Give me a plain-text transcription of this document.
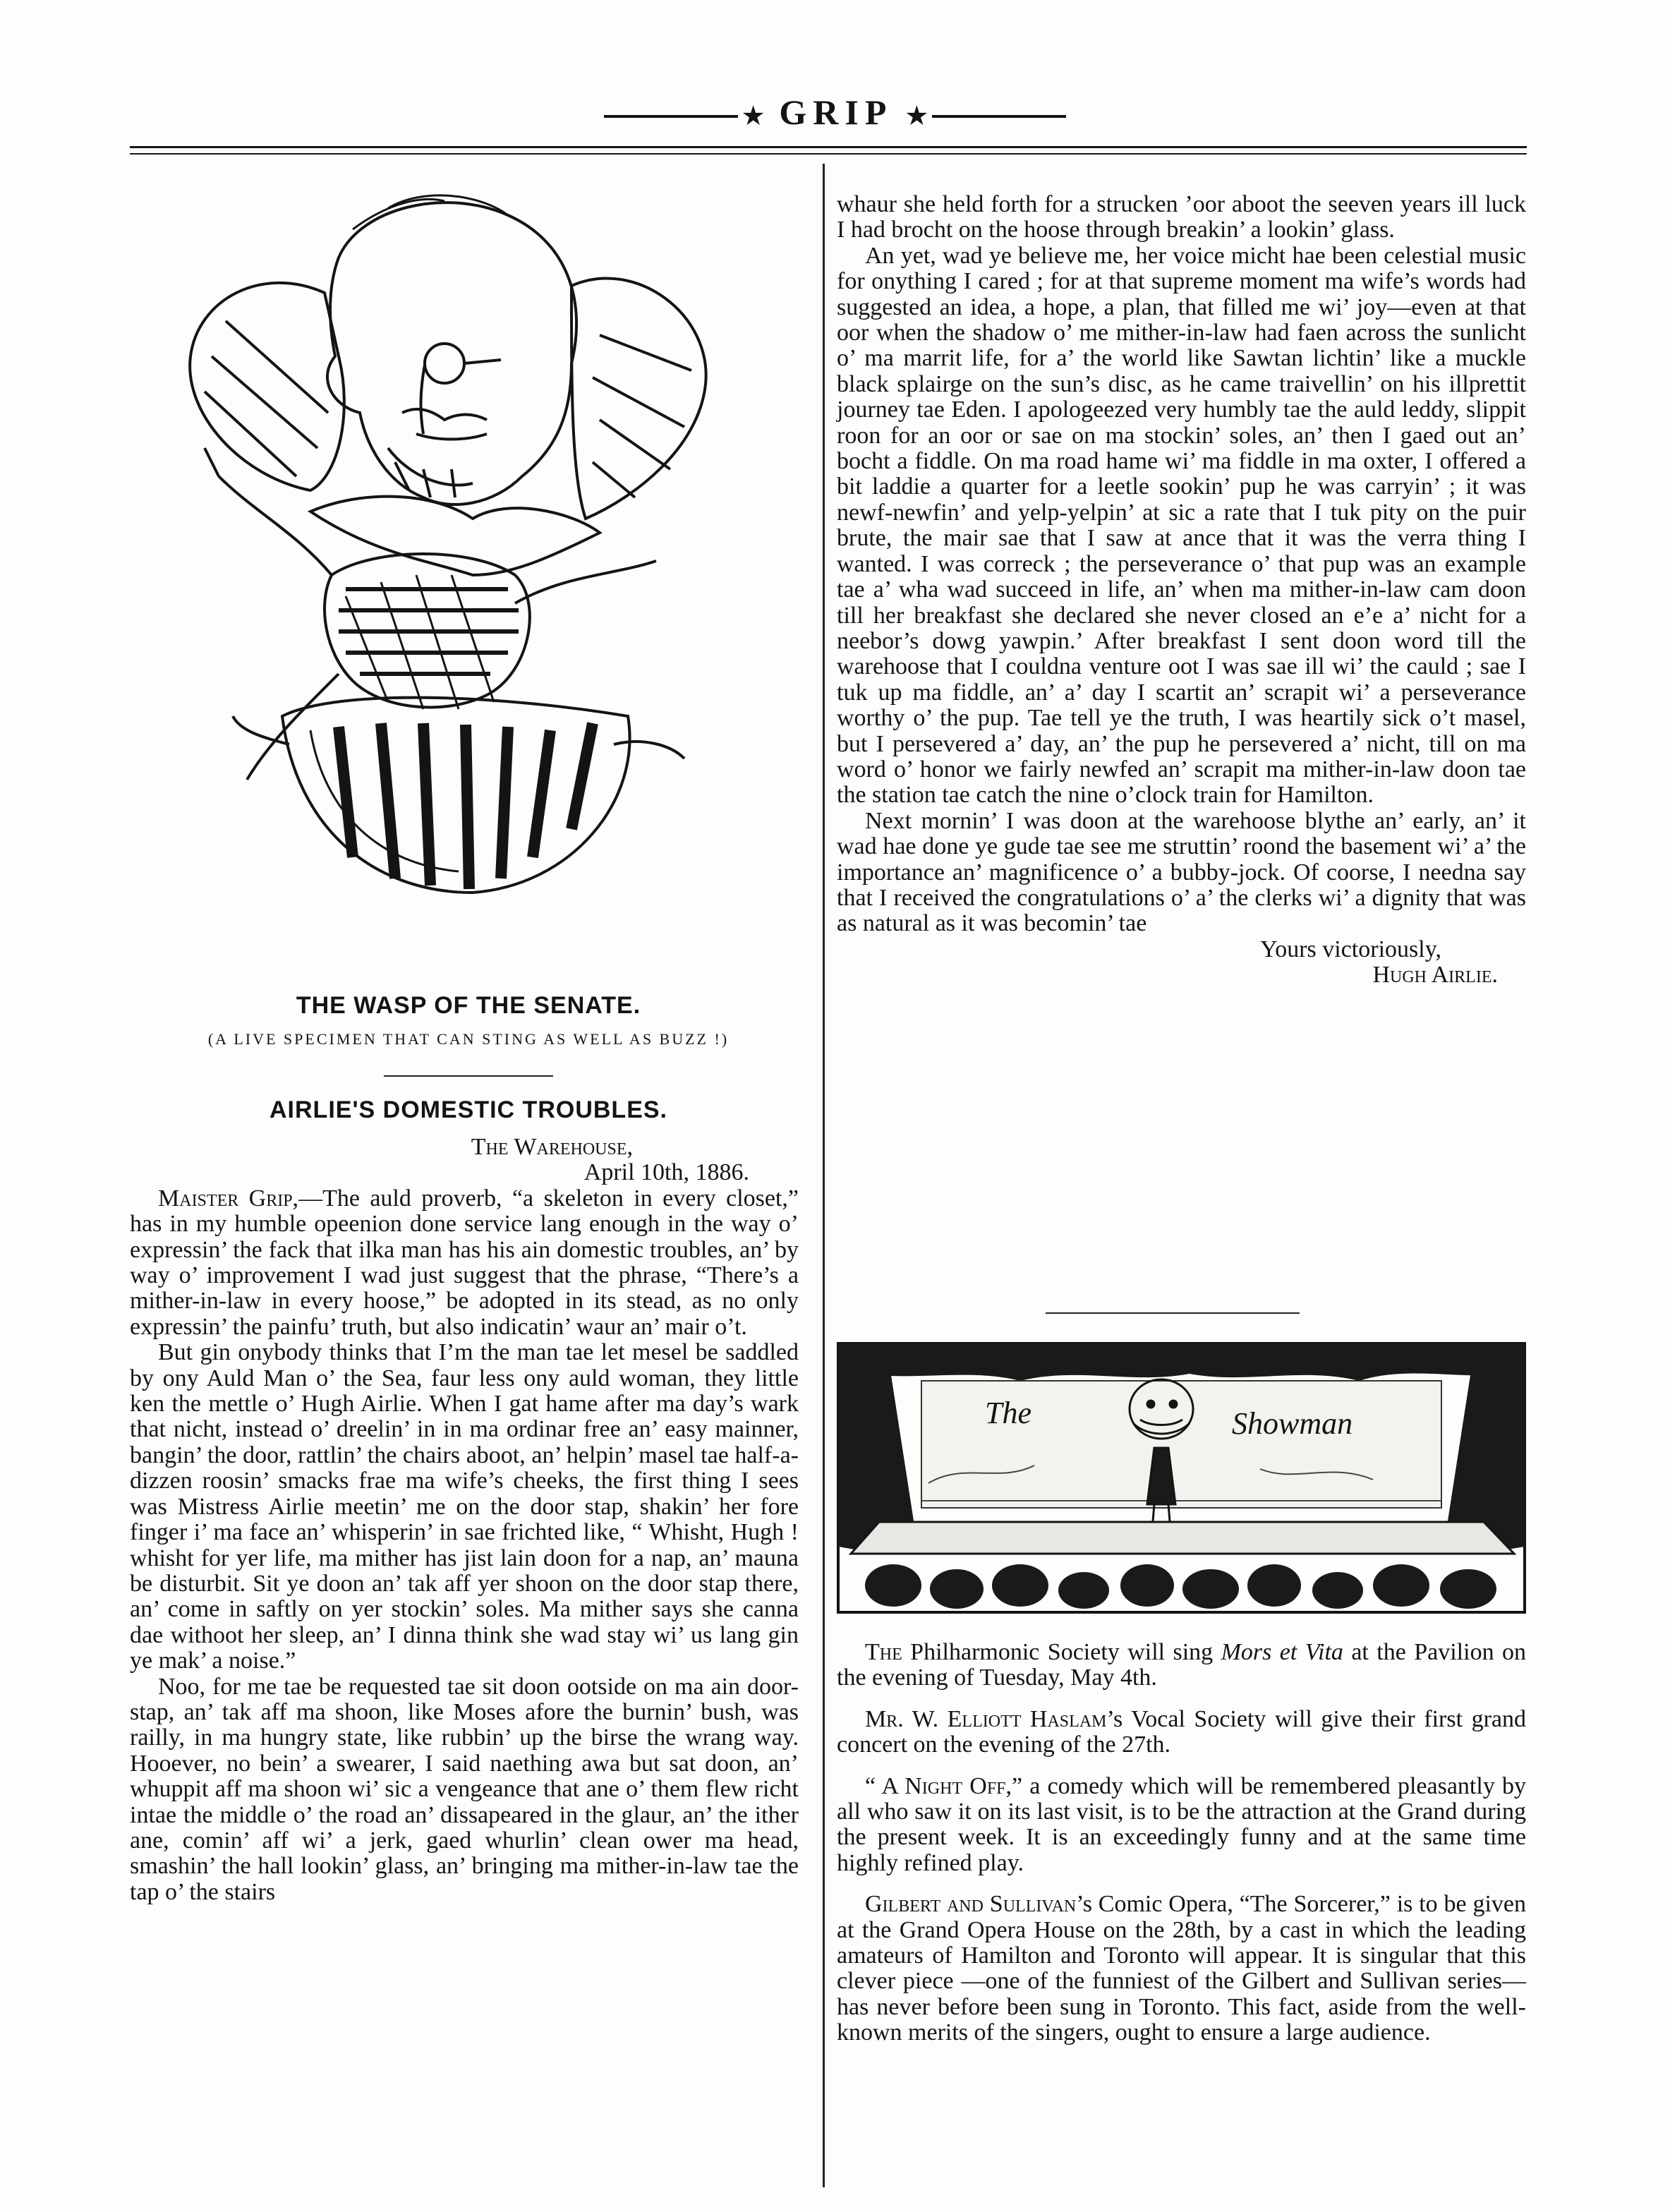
★ GRIP ★
THE WASP OF THE SENATE.
(A LIVE SPECIMEN THAT CAN STING AS WELL AS BUZZ !)
AIRLIE'S DOMESTIC TROUBLES.
The Warehouse,
April 10th, 1886.

Maister Grip,—The auld proverb, “a skeleton in every closet,” has in my humble opeenion done service lang enough in the way o’ expressin’ the fack that ilka man has his ain domestic troubles, an’ by way o’ improvement I wad just suggest that the phrase, “There’s a mither-in-law in every hoose,” be adopted in its stead, as no only expressin’ the painfu’ truth, but also indicatin’ waur an’ mair o’t.

But gin onybody thinks that I’m the man tae let mesel be saddled by ony Auld Man o’ the Sea, faur less ony auld woman, they little ken the mettle o’ Hugh Airlie. When I gat hame after ma day’s wark that nicht, instead o’ dreelin’ in in ma ordinar free an’ easy mainner, bangin’ the door, rattlin’ the chairs aboot, an’ helpin’ masel tae half-a-dizzen roosin’ smacks frae ma wife’s cheeks, the first thing I sees was Mistress Airlie meetin’ me on the door stap, shakin’ her fore finger i’ ma face an’ whisperin’ in sae frichted like, “ Whisht, Hugh ! whisht for yer life, ma mither has jist lain doon for a nap, an’ mauna be disturbit. Sit ye doon an’ tak aff yer shoon on the door stap there, an’ come in saftly on yer stockin’ soles. Ma mither says she canna dae withoot her sleep, an’ I dinna think she wad stay wi’ us lang gin ye mak’ a noise.”

Noo, for me tae be requested tae sit doon ootside on ma ain door-stap, an’ tak aff ma shoon, like Moses afore the burnin’ bush, was railly, in ma hungry state, like rubbin’ up the birse the wrang way. Hooever, no bein’ a swearer, I said naething awa but sat doon, an’ whuppit aff ma shoon wi’ sic a vengeance that ane o’ them flew richt intae the middle o’ the road an’ dissapeared in the glaur, an’ the ither ane, comin’ aff wi’ a jerk, gaed whurlin’ clean ower ma head, smashin’ the hall lookin’ glass, an’ bringing ma mither-in-law tae the tap o’ the stairs

whaur she held forth for a strucken ’oor aboot the seeven years ill luck I had brocht on the hoose through breakin’ a lookin’ glass.

An yet, wad ye believe me, her voice micht hae been celestial music for onything I cared ; for at that supreme moment ma wife’s words had suggested an idea, a hope, a plan, that filled me wi’ joy—even at that oor when the shadow o’ me mither-in-law had faen across the sunlicht o’ ma marrit life, for a’ the world like Sawtan lichtin’ like a muckle black splairge on the sun’s disc, as he came traivellin’ on his illprettit journey tae Eden. I apologeezed very humbly tae the auld leddy, slippit roon for an oor or sae on ma stockin’ soles, an’ then I gaed out an’ bocht a fiddle. On ma road hame wi’ ma fiddle in ma oxter, I offered a bit laddie a quarter for a leetle sookin’ pup he was carryin’ ; it was newf-newfin’ and yelp-yelpin’ at sic a rate that I tuk pity on the puir brute, the mair sae that I saw at ance that it was the verra thing I wanted. I was correck ; the perseverance o’ that pup was an example tae a’ wha wad succeed in life, an’ when ma mither-in-law cam doon till her breakfast she declared she never closed an e’e a’ nicht for a neebor’s dowg yawpin.’ After breakfast I sent doon word till the warehoose that I couldna venture oot I was sae ill wi’ the cauld ; sae I tuk up ma fiddle, an’ a’ day I scartit an’ scrapit wi’ a perseverance worthy o’ the pup. Tae tell ye the truth, I was heartily sick o’t masel, but I persevered a’ day, an’ the pup he persevered a’ nicht, till on ma word o’ honor we fairly newfed an’ scrapit ma mither-in-law doon tae the station tae catch the nine o’clock train for Hamilton.

Next mornin’ I was doon at the warehoose blythe an’ early, an’ it wad hae done ye gude tae see me struttin’ roond the basement wi’ a’ the importance an’ magnificence o’ a bubby-jock. Of coorse, I needna say that I received the congratulations o’ a’ the clerks wi’ a dignity that was as natural as it was becomin’ tae

Yours victoriously,
Hugh Airlie.
The	Showman

The Philharmonic Society will sing Mors et Vita at the Pavilion on the evening of Tuesday, May 4th.

Mr. W. Elliott Haslam’s Vocal Society will give their first grand concert on the evening of the 27th.

“ A Night Off,” a comedy which will be remembered pleasantly by all who saw it on its last visit, is to be the attraction at the Grand during the present week. It is an exceedingly funny and at the same time highly refined play.

Gilbert and Sullivan’s Comic Opera, “The Sorcerer,” is to be given at the Grand Opera House on the 28th, by a cast in which the leading amateurs of Hamilton and Toronto will appear. It is singular that this clever piece —one of the funniest of the Gilbert and Sullivan series— has never before been sung in Toronto. This fact, aside from the well-known merits of the singers, ought to ensure a large audience.
